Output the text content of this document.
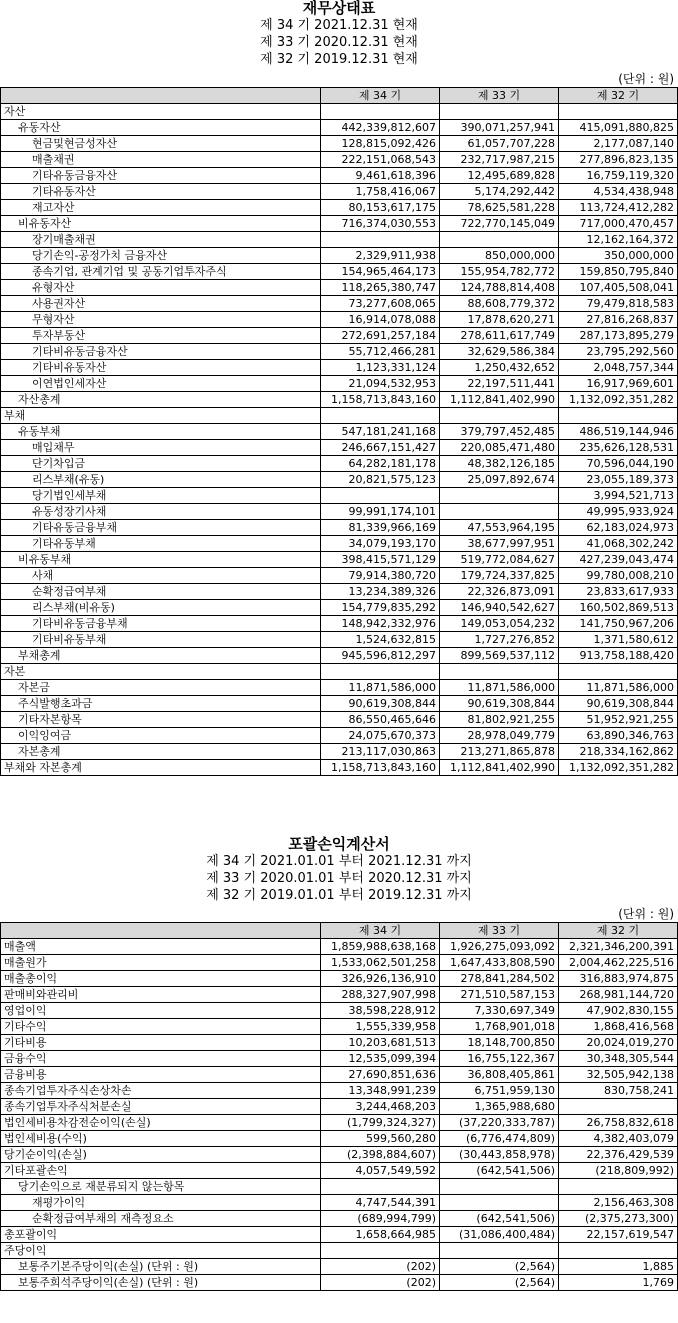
재무상태표
제 34 기 2021.12.31 현재
제 33 기 2020.12.31 현재
제 32 기 2019.12.31 현재
(단위 : 원)
	제 34 기	제 33 기	제 32 기
자산			
유동자산	442,339,812,607	390,071,257,941	415,091,880,825
현금및현금성자산	128,815,092,426	61,057,707,228	2,177,087,140
매출채권	222,151,068,543	232,717,987,215	277,896,823,135
기타유동금융자산	9,461,618,396	12,495,689,828	16,759,119,320
기타유동자산	1,758,416,067	5,174,292,442	4,534,438,948
재고자산	80,153,617,175	78,625,581,228	113,724,412,282
비유동자산	716,374,030,553	722,770,145,049	717,000,470,457
장기매출채권			12,162,164,372
당기손익-공정가치 금융자산	2,329,911,938	850,000,000	350,000,000
종속기업, 관계기업 및 공동기업투자주식	154,965,464,173	155,954,782,772	159,850,795,840
유형자산	118,265,380,747	124,788,814,408	107,405,508,041
사용권자산	73,277,608,065	88,608,779,372	79,479,818,583
무형자산	16,914,078,088	17,878,620,271	27,816,268,837
투자부동산	272,691,257,184	278,611,617,749	287,173,895,279
기타비유동금융자산	55,712,466,281	32,629,586,384	23,795,292,560
기타비유동자산	1,123,331,124	1,250,432,652	2,048,757,344
이연법인세자산	21,094,532,953	22,197,511,441	16,917,969,601
자산총계	1,158,713,843,160	1,112,841,402,990	1,132,092,351,282
부채			
유동부채	547,181,241,168	379,797,452,485	486,519,144,946
매입채무	246,667,151,427	220,085,471,480	235,626,128,531
단기차입금	64,282,181,178	48,382,126,185	70,596,044,190
리스부채(유동)	20,821,575,123	25,097,892,674	23,055,189,373
당기법인세부채			3,994,521,713
유동성장기사채	99,991,174,101		49,995,933,924
기타유동금융부채	81,339,966,169	47,553,964,195	62,183,024,973
기타유동부채	34,079,193,170	38,677,997,951	41,068,302,242
비유동부채	398,415,571,129	519,772,084,627	427,239,043,474
사채	79,914,380,720	179,724,337,825	99,780,008,210
순확정급여부채	13,234,389,326	22,326,873,091	23,833,617,933
리스부채(비유동)	154,779,835,292	146,940,542,627	160,502,869,513
기타비유동금융부채	148,942,332,976	149,053,054,232	141,750,967,206
기타비유동부채	1,524,632,815	1,727,276,852	1,371,580,612
부채총계	945,596,812,297	899,569,537,112	913,758,188,420
자본			
자본금	11,871,586,000	11,871,586,000	11,871,586,000
주식발행초과금	90,619,308,844	90,619,308,844	90,619,308,844
기타자본항목	86,550,465,646	81,802,921,255	51,952,921,255
이익잉여금	24,075,670,373	28,978,049,779	63,890,346,763
자본총계	213,117,030,863	213,271,865,878	218,334,162,862
부채와 자본총계	1,158,713,843,160	1,112,841,402,990	1,132,092,351,282
포괄손익계산서
제 34 기 2021.01.01 부터 2021.12.31 까지
제 33 기 2020.01.01 부터 2020.12.31 까지
제 32 기 2019.01.01 부터 2019.12.31 까지
(단위 : 원)
	제 34 기	제 33 기	제 32 기
매출액	1,859,988,638,168	1,926,275,093,092	2,321,346,200,391
매출원가	1,533,062,501,258	1,647,433,808,590	2,004,462,225,516
매출총이익	326,926,136,910	278,841,284,502	316,883,974,875
판매비와관리비	288,327,907,998	271,510,587,153	268,981,144,720
영업이익	38,598,228,912	7,330,697,349	47,902,830,155
기타수익	1,555,339,958	1,768,901,018	1,868,416,568
기타비용	10,203,681,513	18,148,700,850	20,024,019,270
금융수익	12,535,099,394	16,755,122,367	30,348,305,544
금융비용	27,690,851,636	36,808,405,861	32,505,942,138
종속기업투자주식손상차손	13,348,991,239	6,751,959,130	830,758,241
종속기업투자주식처분손실	3,244,468,203	1,365,988,680	
법인세비용차감전순이익(손실)	(1,799,324,327)	(37,220,333,787)	26,758,832,618
법인세비용(수익)	599,560,280	(6,776,474,809)	4,382,403,079
당기순이익(손실)	(2,398,884,607)	(30,443,858,978)	22,376,429,539
기타포괄손익	4,057,549,592	(642,541,506)	(218,809,992)
당기손익으로 재분류되지 않는항목			
재평가이익	4,747,544,391		2,156,463,308
순확정급여부채의 재측정요소	(689,994,799)	(642,541,506)	(2,375,273,300)
총포괄이익	1,658,664,985	(31,086,400,484)	22,157,619,547
주당이익			
보통주기본주당이익(손실) (단위 : 원)	(202)	(2,564)	1,885
보통주희석주당이익(손실) (단위 : 원)	(202)	(2,564)	1,769
